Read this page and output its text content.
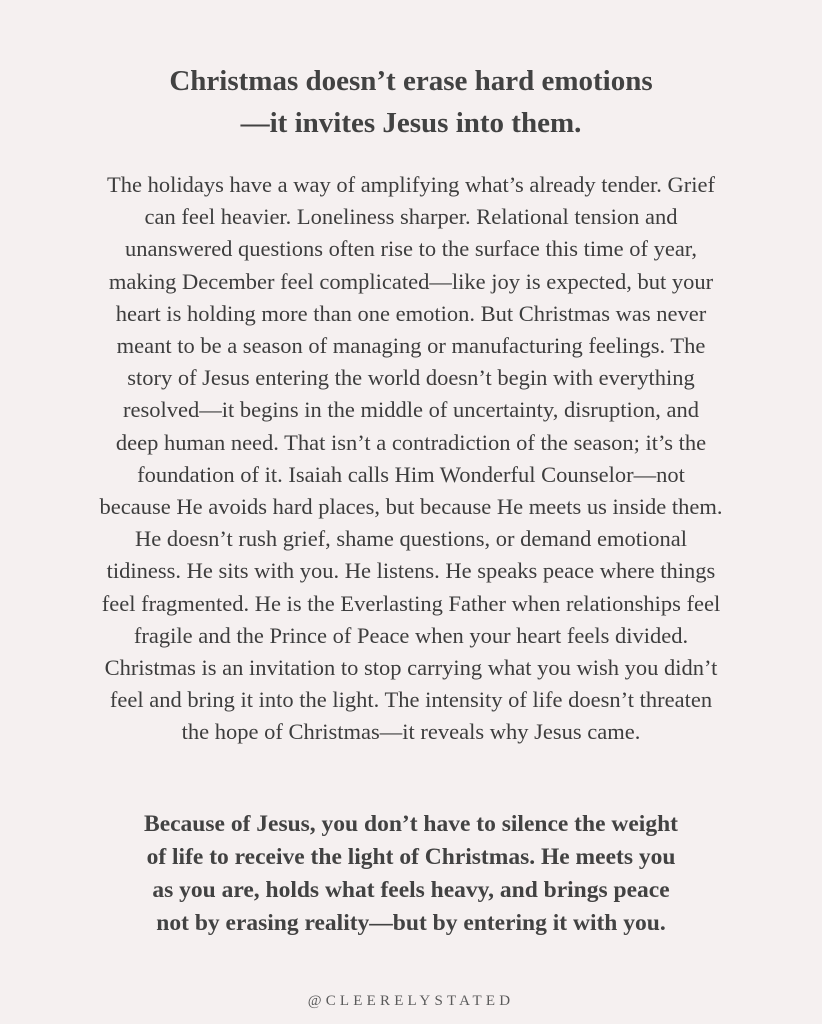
Christmas doesn’t erase hard emotions
—it invites Jesus into them.

The holidays have a way of amplifying what’s already tender. Grief
can feel heavier. Loneliness sharper. Relational tension and
unanswered questions often rise to the surface this time of year,
making December feel complicated—like joy is expected, but your
heart is holding more than one emotion. But Christmas was never
meant to be a season of managing or manufacturing feelings. The
story of Jesus entering the world doesn’t begin with everything
resolved—it begins in the middle of uncertainty, disruption, and
deep human need. That isn’t a contradiction of the season; it’s the
foundation of it. Isaiah calls Him Wonderful Counselor—not
because He avoids hard places, but because He meets us inside them.
He doesn’t rush grief, shame questions, or demand emotional
tidiness. He sits with you. He listens. He speaks peace where things
feel fragmented. He is the Everlasting Father when relationships feel
fragile and the Prince of Peace when your heart feels divided.
Christmas is an invitation to stop carrying what you wish you didn’t
feel and bring it into the light. The intensity of life doesn’t threaten
the hope of Christmas—it reveals why Jesus came.

Because of Jesus, you don’t have to silence the weight
of life to receive the light of Christmas. He meets you
as you are, holds what feels heavy, and brings peace
not by erasing reality—but by entering it with you.

@CLEERELYSTATED
